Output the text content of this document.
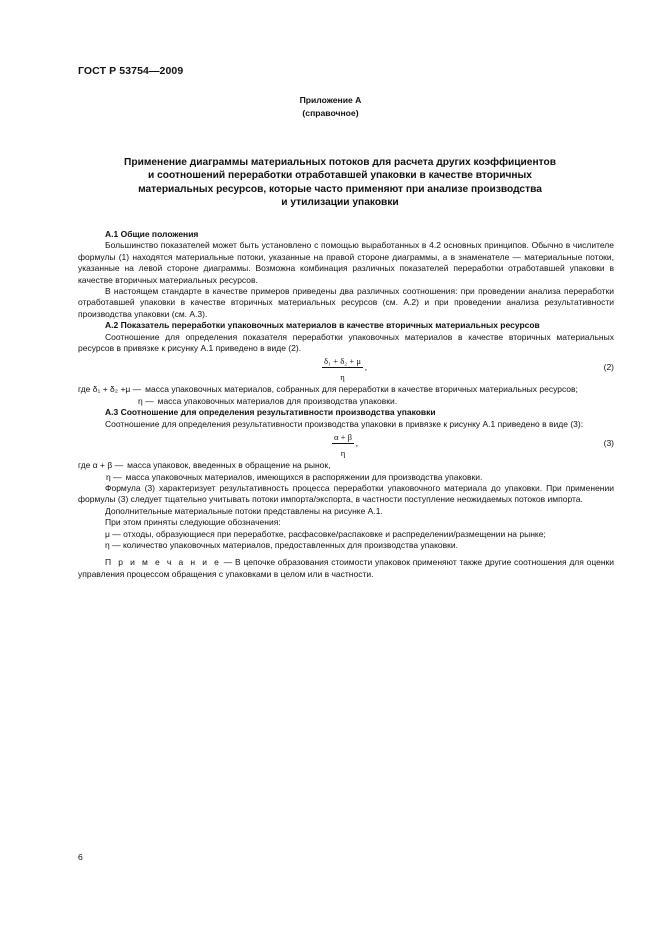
ГОСТ Р 53754—2009
Приложение А
(справочное)
Применение диаграммы материальных потоков для расчета других коэффициентов
и соотношений переработки отработавшей упаковки в качестве вторичных
материальных ресурсов, которые часто применяют при анализе производства
и утилизации упаковки

А.1 Общие положения

Большинство показателей может быть установлено с помощью выработанных в 4.2 основных принципов. Обычно в числителе формулы (1) находятся материальные потоки, указанные на правой стороне диаграммы, а в знаменателе — материальные потоки, указанные на левой стороне диаграммы. Возможна комбинация различных показателей переработки отработавшей упаковки в качестве вторичных материальных ресурсов.

В настоящем стандарте в качестве примеров приведены два различных соотношения: при проведении анализа переработки отработавшей упаковки в качестве вторичных материальных ресурсов (см. А.2) и при проведении анализа результативности производства упаковки (см. А.3).

А.2 Показатель переработки упаковочных материалов в качестве вторичных материальных ресурсов

Соотношение для определения показателя переработки упаковочных материалов в качестве вторичных материальных ресурсов в привязке к рисунку А.1 приведено в виде (2).

δ₁ + δ₂ + μ
η
,	(2)
где δ₁ + δ₂ +μ — масса упаковочных материалов, собранных для переработки в качестве вторичных материальных ресурсов;
η — масса упаковочных материалов для производства упаковки.

А.3 Соотношение для определения результативности производства упаковки

Соотношение для определения результативности производства упаковки в привязке к рисунку А.1 приведено в виде (3):

α + β
η
,	(3)
где α + β — масса упаковок, введенных в обращение на рынок,
η — масса упаковочных материалов, имеющихся в распоряжении для производства упаковки.

Формула (3) характеризует результативность процесса переработки упаковочного материала до упаковки. При применении формулы (3) следует тщательно учитывать потоки импорта/экспорта, в частности поступление неожидаемых потоков импорта.

Дополнительные материальные потоки представлены на рисунке А.1.

При этом приняты следующие обозначения:

μ — отходы, образующиеся при переработке, расфасовке/распаковке и распределении/размещении на рынке;

η — количество упаковочных материалов, предоставленных для производства упаковки.

П р и м е ч а н и е — В цепочке образования стоимости упаковок применяют также другие соотношения для оценки управления процессом обращения с упаковками в целом или в частности.

6
